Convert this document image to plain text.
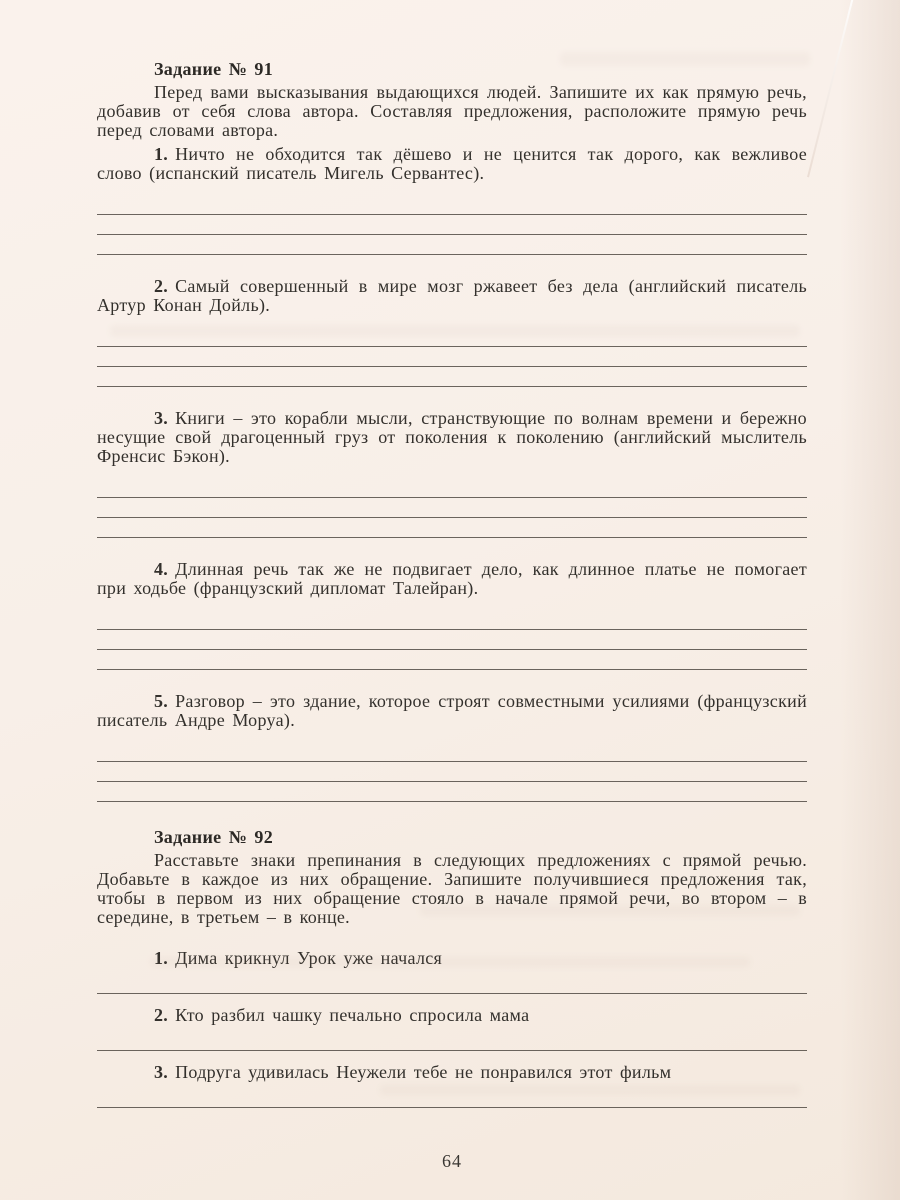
Задание № 91

Перед вами высказывания выдающихся людей. Запишите их как прямую речь, добавив от себя слова автора. Составляя предложения, расположите прямую речь перед словами автора.

1. Ничто не обходится так дёшево и не ценится так дорого, как вежливое слово (испанский писатель Мигель Сервантес).

2. Самый совершенный в мире мозг ржавеет без дела (английский писатель Артур Конан Дойль).

3. Книги – это корабли мысли, странствующие по волнам времени и бережно несущие свой драгоценный груз от поколения к поколению (английский мыслитель Френсис Бэкон).

4. Длинная речь так же не подвигает дело, как длинное платье не помогает при ходьбе (французский дипломат Талейран).

5. Разговор – это здание, которое строят совместными усилиями (французский писатель Андре Моруа).

Задание № 92

Расставьте знаки препинания в следующих предложениях с прямой речью. Добавьте в каждое из них обращение. Запишите получившиеся предложения так, чтобы в первом из них обращение стояло в начале прямой речи, во втором – в середине, в третьем – в конце.

1. Дима крикнул Урок уже начался

2. Кто разбил чашку печально спросила мама

3. Подруга удивилась Неужели тебе не понравился этот фильм

64
